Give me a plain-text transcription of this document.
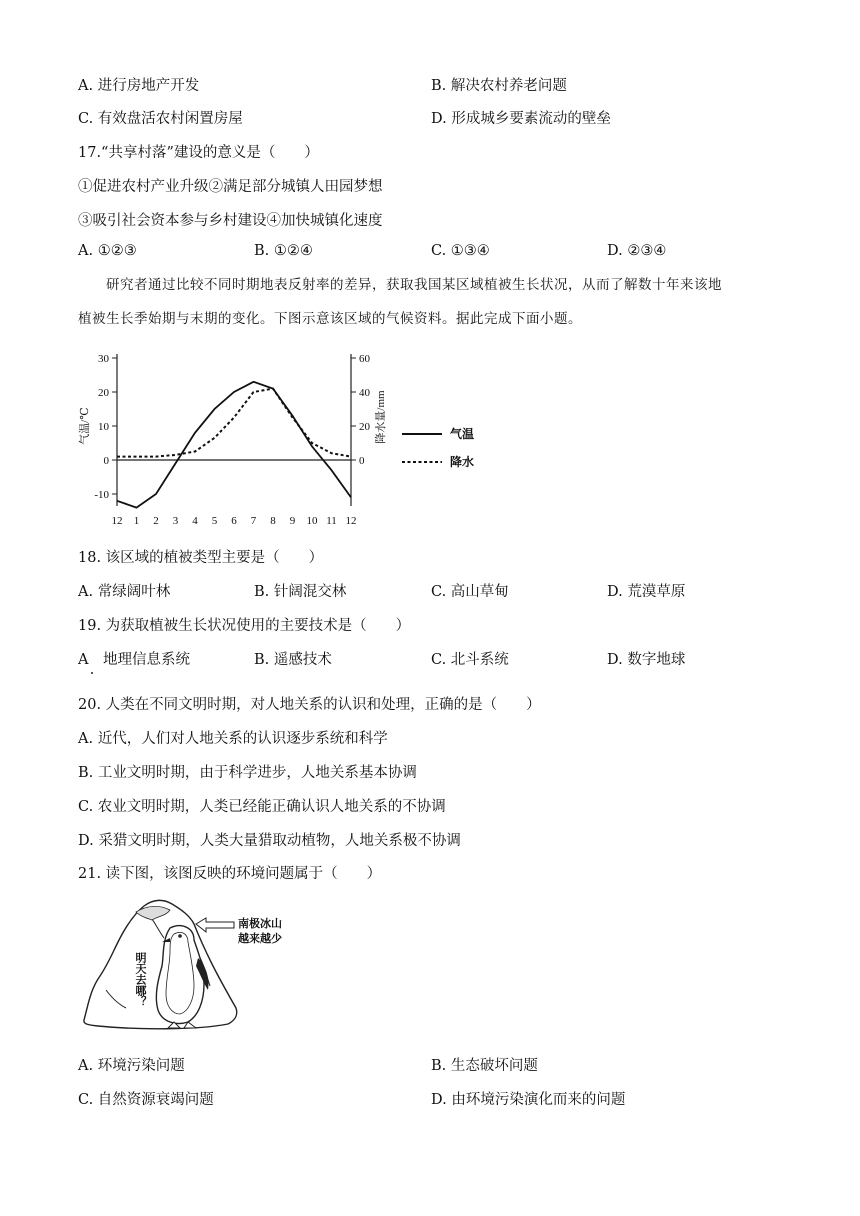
A. 进行房地产开发	B. 解决农村养老问题
C. 有效盘活农村闲置房屋	D. 形成城乡要素流动的壁垒
17.“共享村落”建设的意义是（　　）
①促进农村产业升级②满足部分城镇人田园梦想
③吸引社会资本参与乡村建设④加快城镇化速度
A. ①②③	B. ①②④	C. ①③④	D. ②③④
研究者通过比较不同时期地表反射率的差异，获取我国某区域植被生长状况，从而了解数十年来该地
植被生长季始期与末期的变化。下图示意该区域的气候资料。据此完成下面小题。
30
20
10
0
-10
60
40
20
0
12 1 2 3 4 5 6 7 8 9 10 11 12
气温/℃	降水量/mm	气温
降水
18. 该区域的植被类型主要是（　　）
A. 常绿阔叶林	B. 针阔混交林	C. 高山草甸	D. 荒漠草原
19. 为获取植被生长状况使用的主要技术是（　　）
A　地理信息系统	B. 遥感技术	C. 北斗系统	D. 数字地球
20. 人类在不同文明时期，对人地关系的认识和处理，正确的是（　　）
A. 近代，人们对人地关系的认识逐步系统和科学
B. 工业文明时期，由于科学进步，人地关系基本协调
C. 农业文明时期，人类已经能正确认识人地关系的不协调
D. 采猎文明时期，人类大量猎取动植物，人地关系极不协调
21. 读下图，该图反映的环境问题属于（　　）
南极冰山
越来越少
明天去哪？
A. 环境污染问题	B. 生态破坏问题
C. 自然资源衰竭问题	D. 由环境污染演化而来的问题
